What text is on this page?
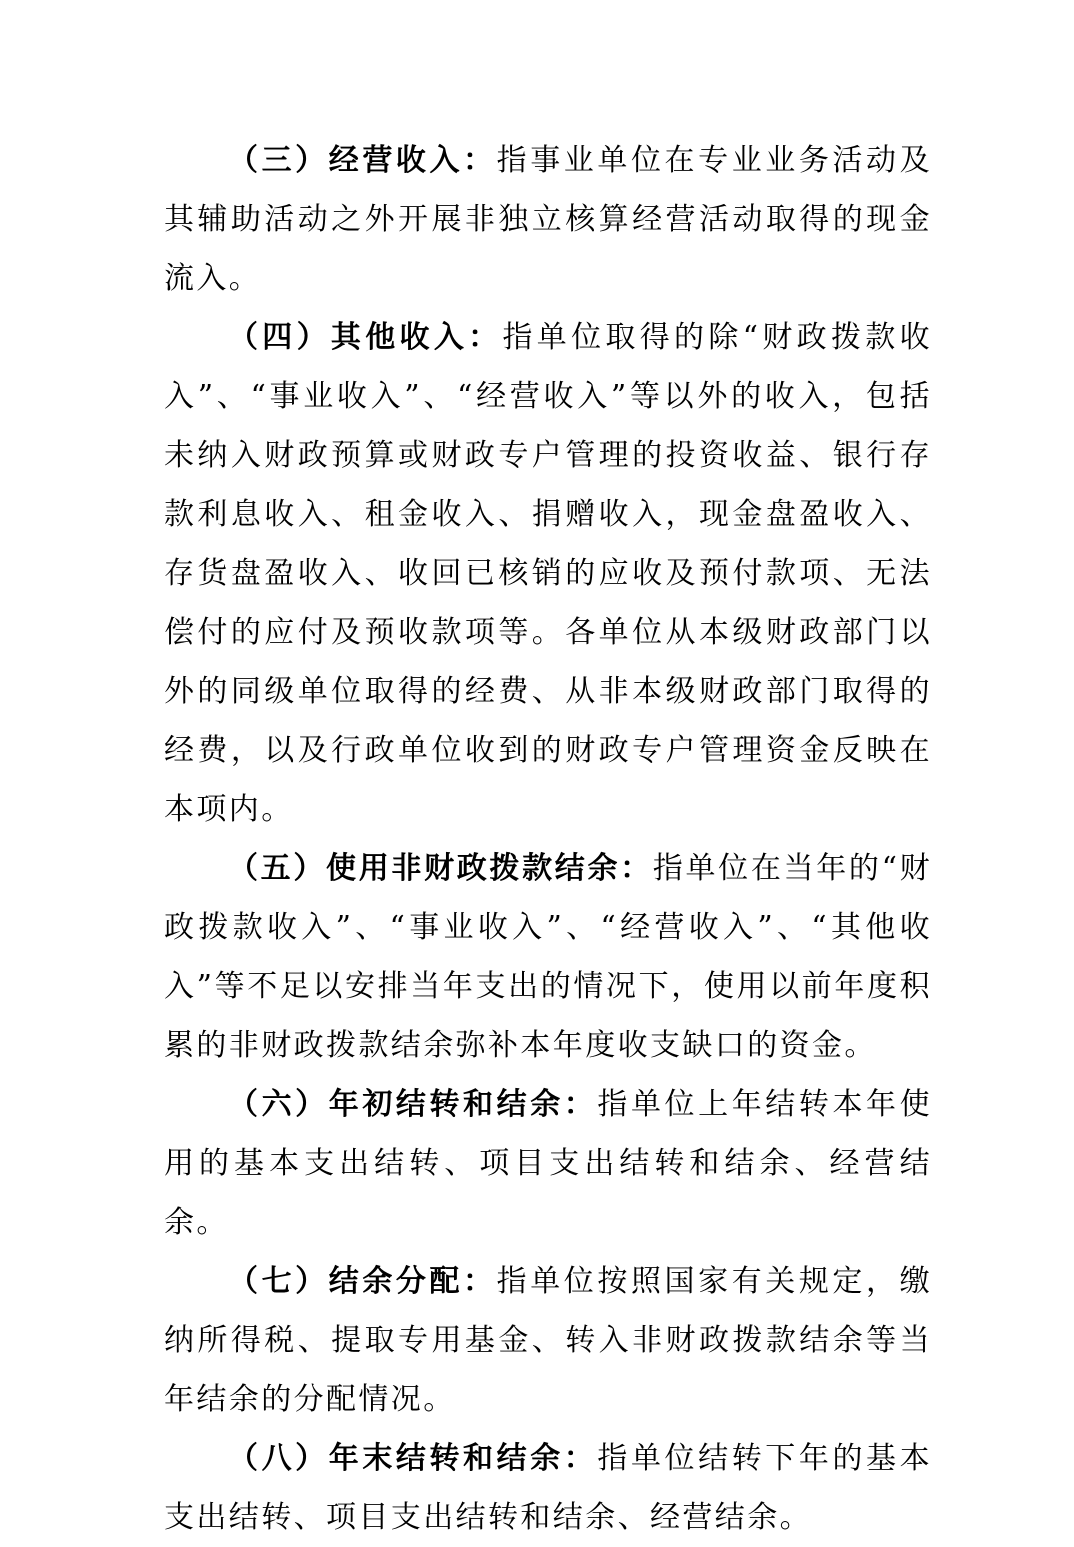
（三）经营收入：指事业单位在专业业务活动及其辅助活动之外开展非独立核算经营活动取得的现金流入。

（四）其他收入：指单位取得的除“财政拨款收入”、“事业收入”、“经营收入”等以外的收入，包括未纳入财政预算或财政专户管理的投资收益、银行存款利息收入、租金收入、捐赠收入，现金盘盈收入、存货盘盈收入、收回已核销的应收及预付款项、无法偿付的应付及预收款项等。各单位从本级财政部门以外的同级单位取得的经费、从非本级财政部门取得的经费，以及行政单位收到的财政专户管理资金反映在本项内。

（五）使用非财政拨款结余：指单位在当年的“财政拨款收入”、“事业收入”、“经营收入”、“其他收入”等不足以安排当年支出的情况下，使用以前年度积累的非财政拨款结余弥补本年度收支缺口的资金。

（六）年初结转和结余：指单位上年结转本年使用的基本支出结转、项目支出结转和结余、经营结余。

（七）结余分配：指单位按照国家有关规定，缴纳所得税、提取专用基金、转入非财政拨款结余等当年结余的分配情况。

（八）年末结转和结余：指单位结转下年的基本支出结转、项目支出结转和结余、经营结余。
